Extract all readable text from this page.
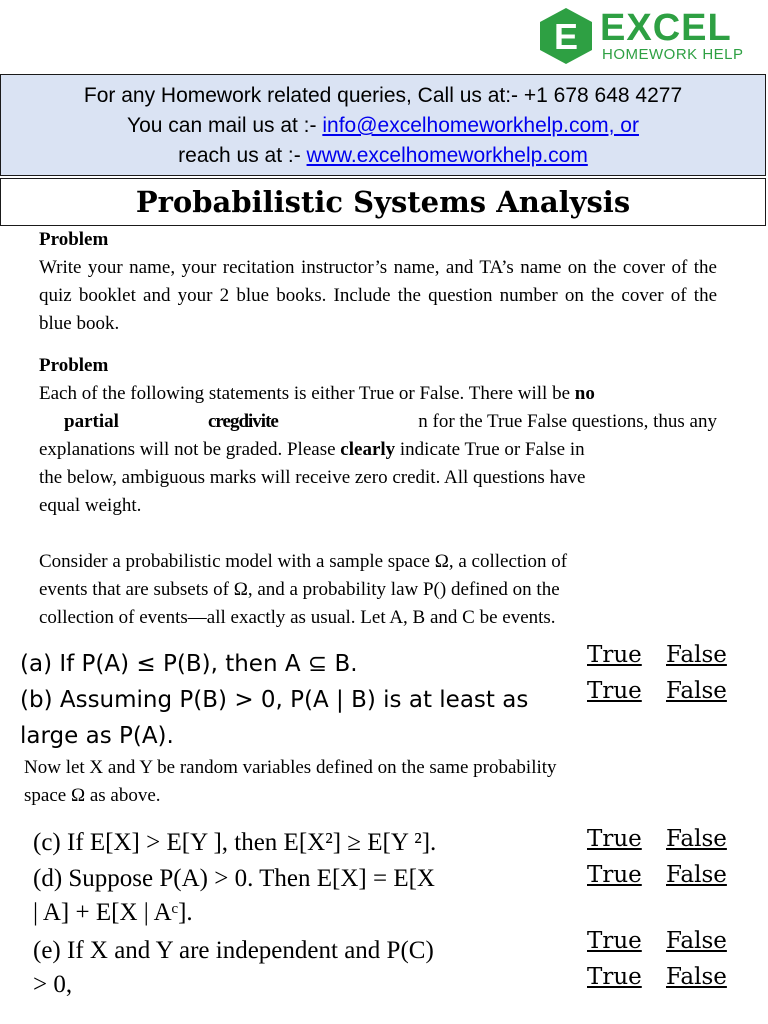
E EXCEL
HOMEWORK HELP
For any Homework related queries, Call us at:- +1 678 648 4277
You can mail us at :- info@excelhomeworkhelp.com, or
reach us at :- www.excelhomeworkhelp.com
Probabilistic Systems Analysis
Problem
Write your name, your recitation instructor’s name, and TA’s name on the cover of the quiz booklet and your 2 blue books. Include the question number on the cover of the blue book.
Problem
Each of the following statements is either True or False. There will be no
partial	cregdivite	n for the True False questions, thus any
explanations will not be graded. Please clearly indicate True or False in
the below, ambiguous marks will receive zero credit. All questions have
equal weight.
Consider a probabilistic model with a sample space Ω, a collection of
events that are subsets of Ω, and a probability law P() defined on the
collection of events—all exactly as usual. Let A, B and C be events.
(a) If P(A) ≤ P(B), then A ⊆ B.
(b) Assuming P(B) > 0, P(A | B) is at least as
large as P(A).
True False
True False
Now let X and Y be random variables defined on the same probability
space Ω as above.
(c) If E[X] > E[Y ], then E[X²] ≥ E[Y ²].
(d) Suppose P(A) > 0. Then E[X] = E[X
| A] + E[X | Aᶜ].
(e) If X and Y are independent and P(C)
> 0,
True False
True False
True False
True False
